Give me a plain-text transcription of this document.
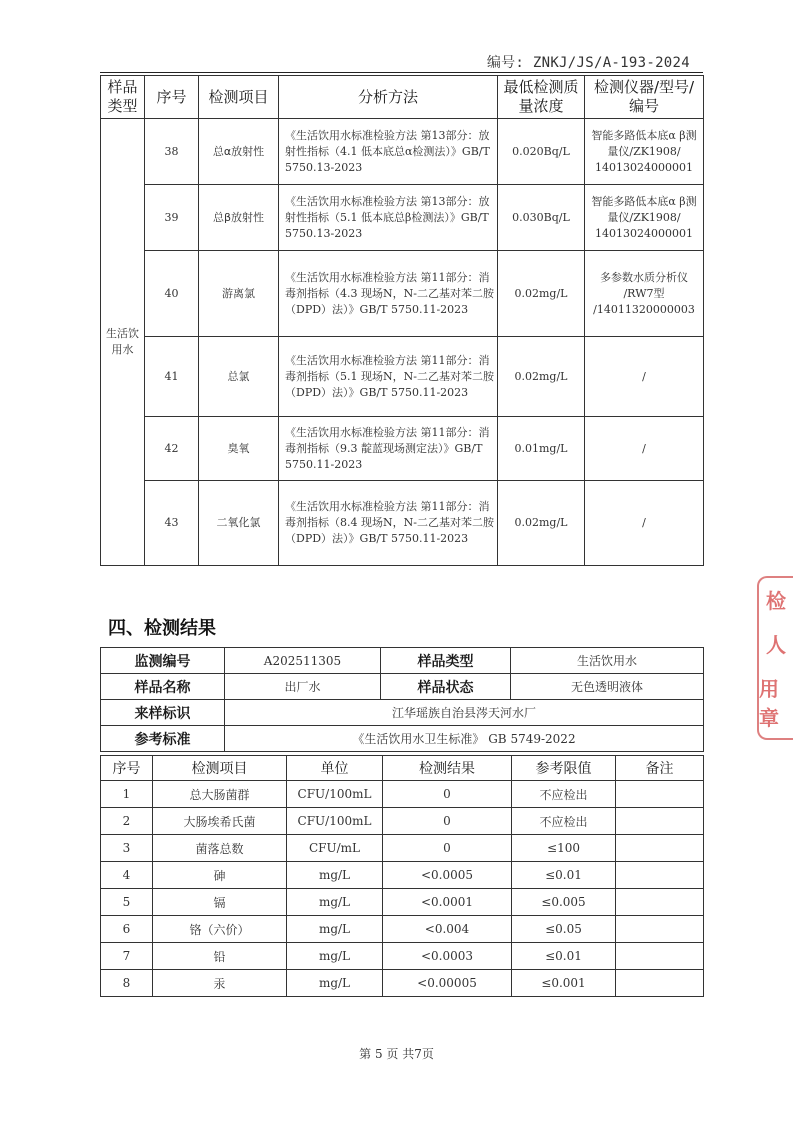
编号: ZNKJ/JS/A-193-2024
样品类型	序号	检测项目	分析方法	最低检测质量浓度	检测仪器/型号/编号
生活饮用水	38	总α放射性	《生活饮用水标准检验方法 第13部分：放射性指标（4.1 低本底总α检测法）》GB/T 5750.13-2023	0.020Bq/L	智能多路低本底α β测量仪/ZK1908/ 14013024000001
	39	总β放射性	《生活饮用水标准检验方法 第13部分：放射性指标（5.1 低本底总β检测法）》GB/T 5750.13-2023	0.030Bq/L	智能多路低本底α β测量仪/ZK1908/ 14013024000001
	40	游离氯	《生活饮用水标准检验方法 第11部分：消毒剂指标（4.3 现场N，N-二乙基对苯二胺（DPD）法）》GB/T 5750.11-2023	0.02mg/L	多参数水质分析仪 /RW7型 /14011320000003
	41	总氯	《生活饮用水标准检验方法 第11部分：消毒剂指标（5.1 现场N，N-二乙基对苯二胺（DPD）法）》GB/T 5750.11-2023	0.02mg/L	/
	42	臭氧	《生活饮用水标准检验方法 第11部分：消毒剂指标（9.3 靛蓝现场测定法）》GB/T 5750.11-2023	0.01mg/L	/
	43	二氧化氯	《生活饮用水标准检验方法 第11部分：消毒剂指标（8.4 现场N，N-二乙基对苯二胺（DPD）法）》GB/T 5750.11-2023	0.02mg/L	/
四、检测结果
监测编号	A202511305	样品类型	生活饮用水
样品名称	出厂水	样品状态	无色透明液体
来样标识	江华瑶族自治县涔天河水厂		
参考标准	《生活饮用水卫生标准》 GB 5749-2022		
序号	检测项目	单位	检测结果	参考限值	备注
1	总大肠菌群	CFU/100mL	0	不应检出	
2	大肠埃希氏菌	CFU/100mL	0	不应检出	
3	菌落总数	CFU/mL	0	≤100	
4	砷	mg/L	<0.0005	≤0.01	
5	镉	mg/L	<0.0001	≤0.005	
6	铬（六价）	mg/L	<0.004	≤0.05	
7	铅	mg/L	<0.0003	≤0.01	
8	汞	mg/L	<0.00005	≤0.001	
第 5 页 共7页
检
人
用章
